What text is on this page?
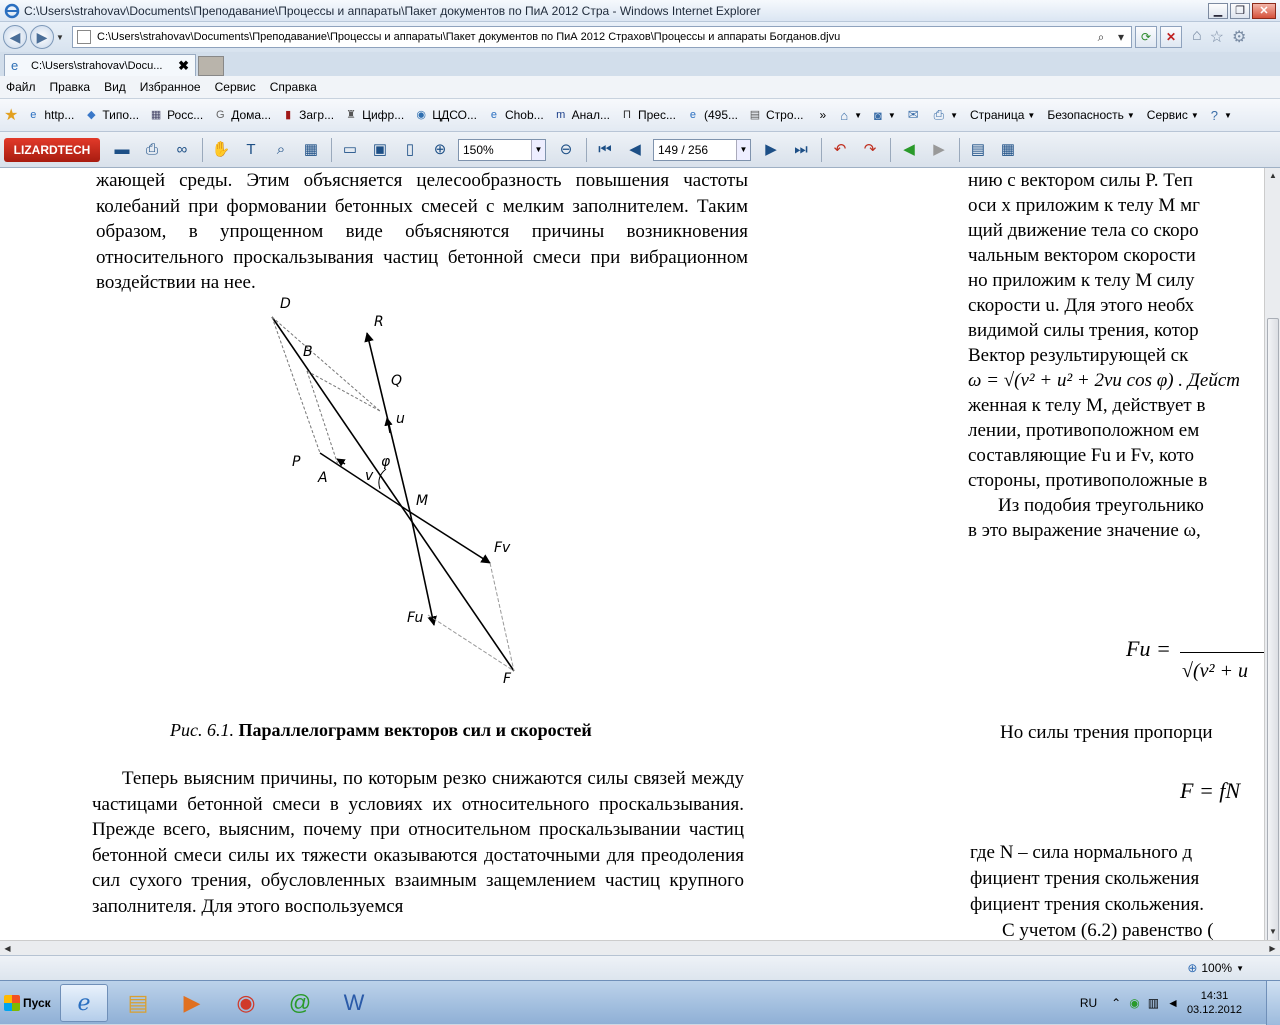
C:\Users\strahovav\Documents\Преподавание\Процессы и аппараты\Пакет документов по ПиА 2012 Стра - Windows Internet Explorer	▁	❐	✕
◀	▶	▼	C:\Users\strahovav\Documents\Преподавание\Процессы и аппараты\Пакет документов по ПиА 2012 Страхов\Процессы и аппараты Богданов.djvu	⌕	▾	⟳	✕ ⌂ ☆ ⚙
e	C:\Users\strahovav\Docu...	✖
Файл Правка Вид Избранное Сервис Справка
★	e http... ◆ Типо... ▦ Росс... G Дома...	▮ Загр... ♜ Цифр... ◉ ЦДСО...	e Chob... m Анал... П Прес...	e (495... ▤ Стро... » ⌂ ▼ ◙ ▼ ✉ ⎙ ▼ Страница ▼ Безопасность ▼ Сервис ▼ ? ▼
LIZARDTECH	▬	⎙	∞	✋	T	⌕	▦	▭	▣	▯	⊕	150%	▼	⊖	⏮	◀	149 / 256	▼	▶	⏭	↶	↷	◀	▶	▤	▦
жающей среды. Этим объясняется целесообразность повышения частоты колебаний при формовании бетонных смесей с мелким заполнителем. Таким образом, в упрощенном виде объясняются причины возникновения относительного проскальзывания частиц бетонной смеси при вибрационном воздействии на нее.
D
R
B
Q
u
P	φ
v
A
M
Fv
Fu
F
Рис. 6.1. Параллелограмм векторов сил и скоростей
Теперь выясним причины, по которым резко снижаются силы связей между частицами бетонной смеси в условиях их относительного проскальзывания. Прежде всего, выясним, почему при относительном проскальзывании частиц бетонной смеси силы их тяжести оказываются достаточными для преодоления сил сухого трения, обусловленных взаимным защемлением частиц крупного заполнителя. Для этого воспользуемся
нию с вектором силы P. Теп
оси x приложим к телу M мг
щий движение тела со скоро
чальным вектором скорости
но приложим к телу M силу
скорости u. Для этого необх
видимой силы трения, котор
Вектор результирующей ск
ω = √(v² + u² + 2vu cos φ) . Дейст
женная к телу M, действует в
лении, противоположном ем
составляющие Fu и Fv, кото
стороны, противоположные в
Из подобия треугольнико
в это выражение значение ω,
Fu =
√(v² + u
Но силы трения пропорци
F = fN
где N – сила нормального д
фициент трения скольжения
фициент трения скольжения.
С учетом (6.2) равенство (
▲
▼
◀	▶
⊕ 100% ▼
Пуск	ℯ	▤	▶	◉	@	W	RU ⌃ ◉ ▥ ◄	14:31
03.12.2012
